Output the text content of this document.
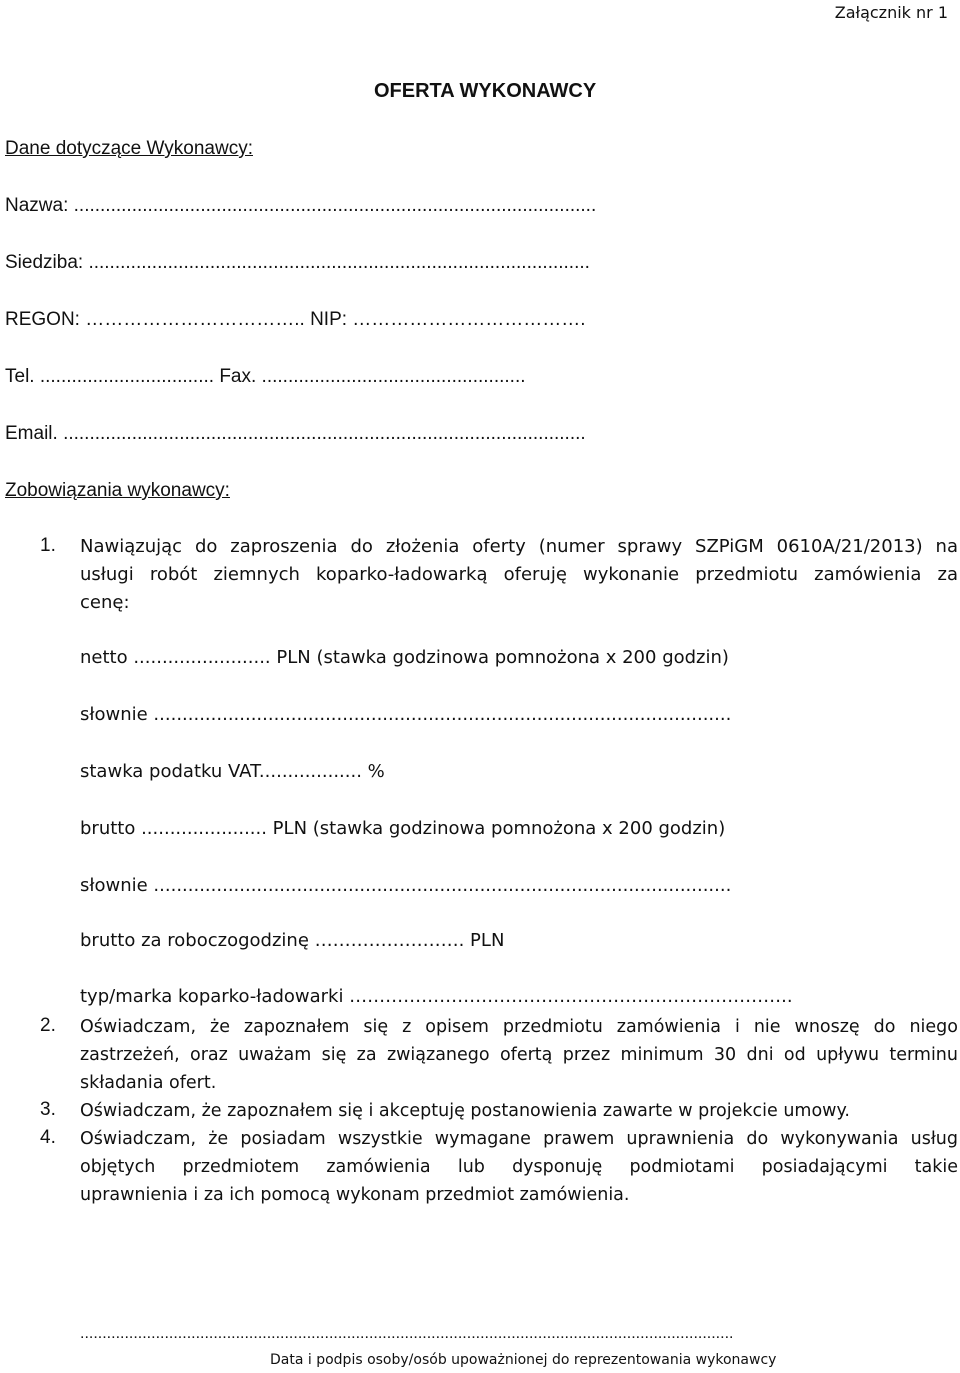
Załącznik nr 1
OFERTA WYKONAWCY
Dane dotyczące Wykonawcy:
Nazwa: ...................................................................................................
Siedziba: ...............................................................................................
REGON: …………………………….. NIP: ……………………………….
Tel. ................................. Fax. ..................................................
Email. ...................................................................................................
Zobowiązania wykonawcy:
1. Nawiązując do zaproszenia do złożenia oferty (numer sprawy SZPiGM 0610A/21/2013) na
usługi robót ziemnych koparko-ładowarką oferuję wykonanie przedmiotu zamówienia za
cenę:
netto ........................ PLN (stawka godzinowa pomnożona x 200 godzin)
słownie .....................................................................................................
stawka podatku VAT.................. %
brutto ...................... PLN (stawka godzinowa pomnożona x 200 godzin)
słownie .....................................................................................................
brutto za roboczogodzinę ……………………. PLN
typ/marka koparko-ładowarki ………………………………………………………………..
2. Oświadczam, że zapoznałem się z opisem przedmiotu zamówienia i nie wnoszę do niego
zastrzeżeń, oraz uważam się za związanego ofertą przez minimum 30 dni od upływu terminu
składania ofert.
3. Oświadczam, że zapoznałem się i akceptuję postanowienia zawarte w projekcie umowy.
4. Oświadczam, że posiadam wszystkie wymagane prawem uprawnienia do wykonywania usług
objętych przedmiotem zamówienia lub dysponuję podmiotami posiadającymi takie
uprawnienia i za ich pomocą wykonam przedmiot zamówienia.
...................................................................................................................................................
Data i podpis osoby/osób upoważnionej do reprezentowania wykonawcy
